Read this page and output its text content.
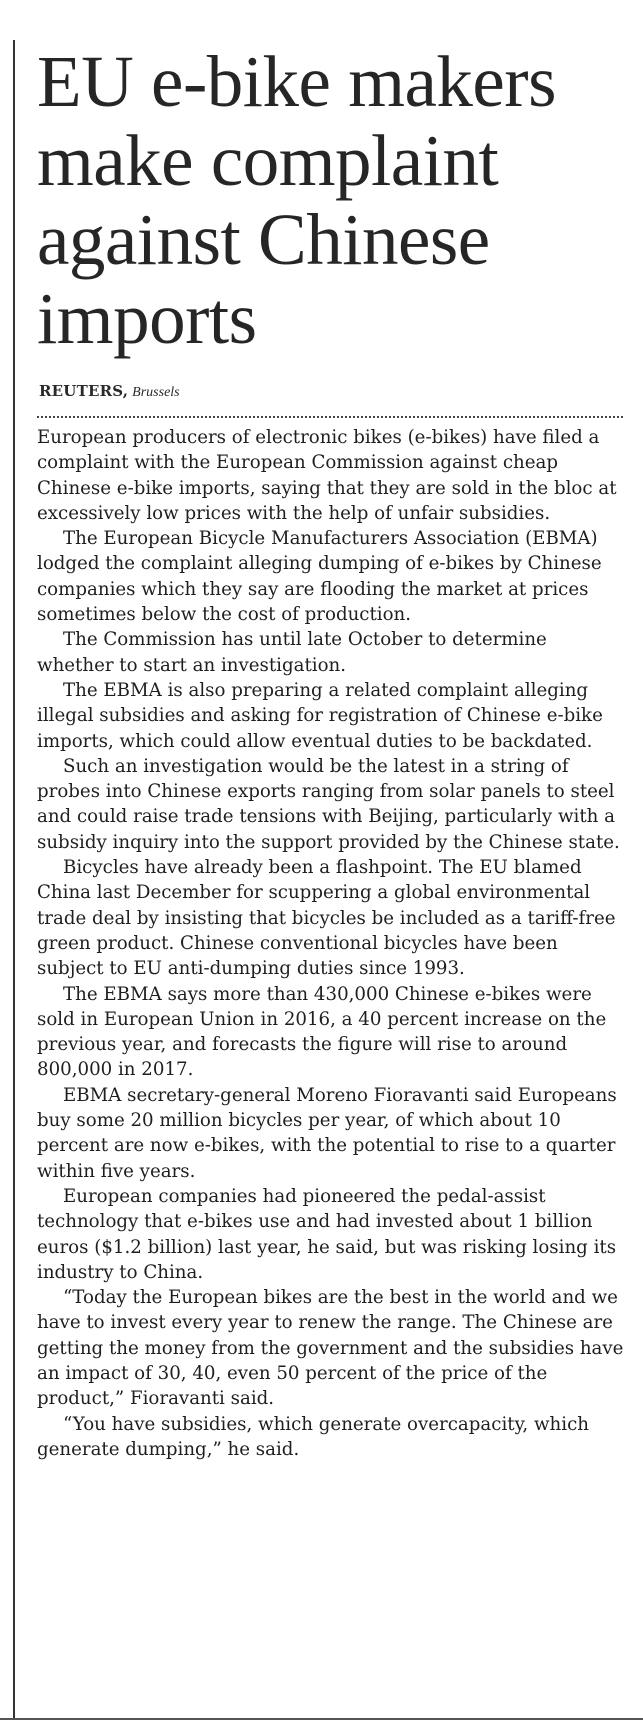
EU e-bike makers make complaint against Chinese imports
REUTERS, Brussels

European producers of electronic bikes (e-bikes) have filed a complaint with the European Commission against cheap Chinese e-bike imports, saying that they are sold in the bloc at excessively low prices with the help of unfair subsidies.

The European Bicycle Manufacturers Association (EBMA) lodged the complaint alleging dumping of e-bikes by Chinese companies which they say are flooding the market at prices sometimes below the cost of production.

The Commission has until late October to determine whether to start an investigation.

The EBMA is also preparing a related complaint alleging illegal subsidies and asking for registration of Chinese e-bike imports, which could allow eventual duties to be backdated.

Such an investigation would be the latest in a string of probes into Chinese exports ranging from solar panels to steel and could raise trade tensions with Beijing, particularly with a subsidy inquiry into the support provided by the Chinese state.

Bicycles have already been a flashpoint. The EU blamed China last December for scuppering a global environmental trade deal by insisting that bicycles be included as a tariff-free green product. Chinese conventional bicycles have been subject to EU anti-dumping duties since 1993.

The EBMA says more than 430,000 Chinese e-bikes were sold in European Union in 2016, a 40 percent increase on the previous year, and forecasts the figure will rise to around 800,000 in 2017.

EBMA secretary-general Moreno Fioravanti said Europeans buy some 20 million bicycles per year, of which about 10 percent are now e-bikes, with the potential to rise to a quarter within five years.

European companies had pioneered the pedal-assist technology that e-bikes use and had invested about 1 billion euros ($1.2 billion) last year, he said, but was risking losing its industry to China.

“Today the European bikes are the best in the world and we have to invest every year to renew the range. The Chinese are getting the money from the government and the subsidies have an impact of 30, 40, even 50 percent of the price of the product,” Fioravanti said.

“You have subsidies, which generate overcapacity, which generate dumping,” he said.
